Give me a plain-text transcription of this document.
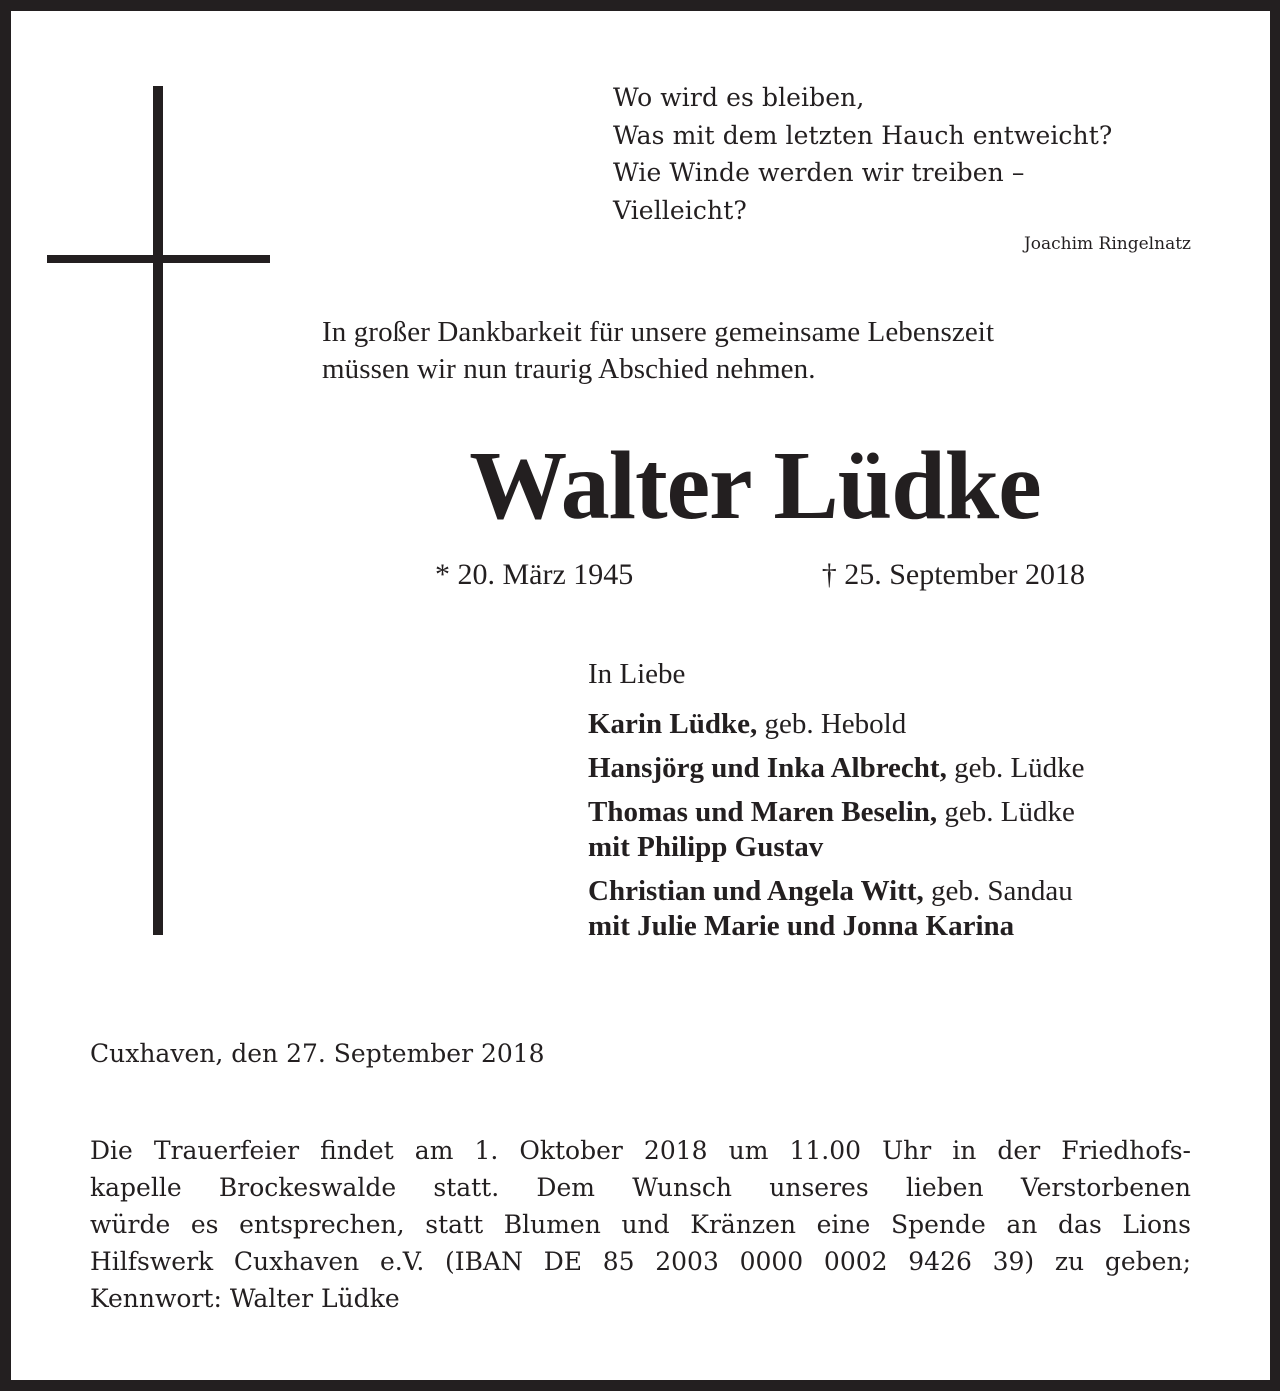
Wo wird es bleiben,
Was mit dem letzten Hauch entweicht?
Wie Winde werden wir treiben –
Vielleicht?
Joachim Ringelnatz
In großer Dankbarkeit für unsere gemeinsame Lebenszeit
müssen wir nun traurig Abschied nehmen.
Walter Lüdke
* 20. März 1945	† 25. September 2018
In Liebe
Karin Lüdke, geb. Hebold
Hansjörg und Inka Albrecht, geb. Lüdke
Thomas und Maren Beselin, geb. Lüdke
mit Philipp Gustav
Christian und Angela Witt, geb. Sandau
mit Julie Marie und Jonna Karina
Cuxhaven, den 27. September 2018
Die Trauerfeier findet am 1. Oktober 2018 um 11.00 Uhr in der Friedhofs-
kapelle Brockeswalde statt. Dem Wunsch unseres lieben Verstorbenen
würde es entsprechen, statt Blumen und Kränzen eine Spende an das Lions
Hilfswerk Cuxhaven e.V. (IBAN DE 85 2003 0000 0002 9426 39) zu geben;
Kennwort: Walter Lüdke
